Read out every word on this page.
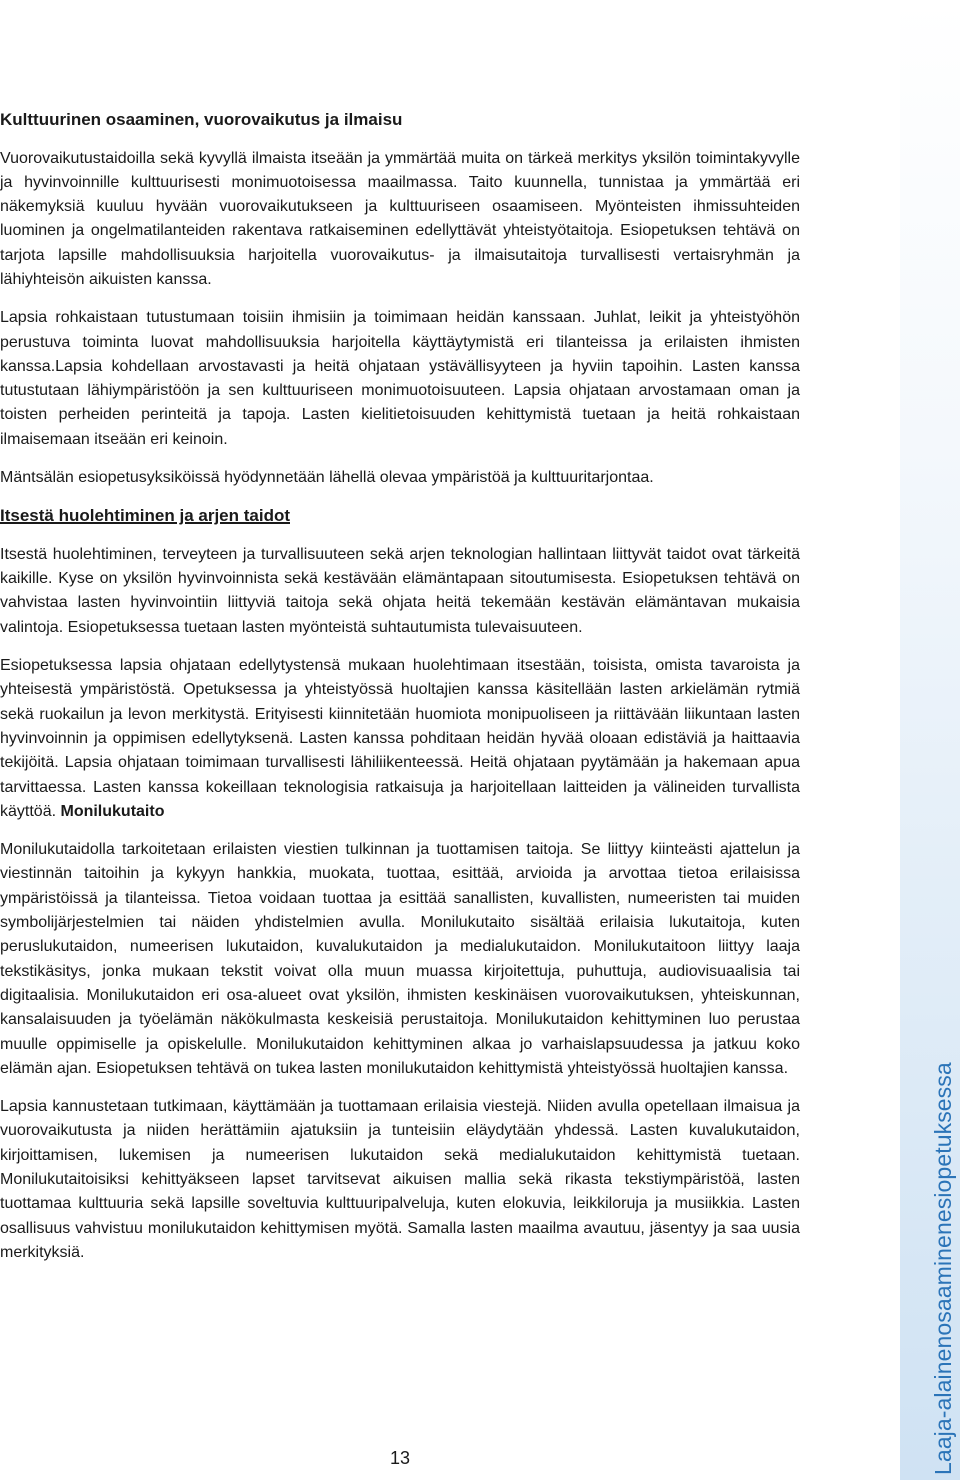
Laaja-alainenosaaminenesiopetuksessa
Kulttuurinen osaaminen, vuorovaikutus ja ilmaisu

Vuorovaikutustaidoilla sekä kyvyllä ilmaista itseään ja ymmärtää muita on tärkeä merkitys yksilön toimintakyvylle ja hyvinvoinnille kulttuurisesti monimuotoisessa maailmassa. Taito kuunnella, tunnistaa ja ymmärtää eri näkemyksiä kuuluu hyvään vuorovaikutukseen ja kulttuuriseen osaamiseen. Myönteisten ihmissuhteiden luominen ja ongelmatilanteiden rakentava ratkaiseminen edellyttävät yhteistyötaitoja. Esiopetuksen tehtävä on tarjota lapsille mahdollisuuksia harjoitella vuorovaikutus- ja ilmaisutaitoja turvallisesti vertaisryhmän ja lähiyhteisön aikuisten kanssa.

Lapsia rohkaistaan tutustumaan toisiin ihmisiin ja toimimaan heidän kanssaan. Juhlat, leikit ja yhteistyöhön perustuva toiminta luovat mahdollisuuksia harjoitella käyttäytymistä eri tilanteissa ja erilaisten ihmisten kanssa.Lapsia kohdellaan arvostavasti ja heitä ohjataan ystävällisyyteen ja hyviin tapoihin. Lasten kanssa tutustutaan lähiympäristöön ja sen kulttuuriseen monimuotoisuuteen. Lapsia ohjataan arvostamaan oman ja toisten perheiden perinteitä ja tapoja. Lasten kielitietoisuuden kehittymistä tuetaan ja heitä rohkaistaan ilmaisemaan itseään eri keinoin.

Mäntsälän esiopetusyksiköissä hyödynnetään lähellä olevaa ympäristöä ja kulttuuritarjontaa.

Itsestä huolehtiminen ja arjen taidot

Itsestä huolehtiminen, terveyteen ja turvallisuuteen sekä arjen teknologian hallintaan liittyvät taidot ovat tärkeitä kaikille. Kyse on yksilön hyvinvoinnista sekä kestävään elämäntapaan sitoutumisesta. Esiopetuksen tehtävä on vahvistaa lasten hyvinvointiin liittyviä taitoja sekä ohjata heitä tekemään kestävän elämäntavan mukaisia valintoja. Esiopetuksessa tuetaan lasten myönteistä suhtautumista tulevaisuuteen.

Esiopetuksessa lapsia ohjataan edellytystensä mukaan huolehtimaan itsestään, toisista, omista tavaroista ja yhteisestä ympäristöstä. Opetuksessa ja yhteistyössä huoltajien kanssa käsitellään lasten arkielämän rytmiä sekä ruokailun ja levon merkitystä. Erityisesti kiinnitetään huomiota monipuoliseen ja riittävään liikuntaan lasten hyvinvoinnin ja oppimisen edellytyksenä. Lasten kanssa pohditaan heidän hyvää oloaan edistäviä ja haittaavia tekijöitä. Lapsia ohjataan toimimaan turvallisesti lähiliikenteessä. Heitä ohjataan pyytämään ja hakemaan apua tarvittaessa. Lasten kanssa kokeillaan teknologisia ratkaisuja ja harjoitellaan laitteiden ja välineiden turvallista käyttöä. Monilukutaito

Monilukutaidolla tarkoitetaan erilaisten viestien tulkinnan ja tuottamisen taitoja. Se liittyy kiinteästi ajattelun ja viestinnän taitoihin ja kykyyn hankkia, muokata, tuottaa, esittää, arvioida ja arvottaa tietoa erilaisissa ympäristöissä ja tilanteissa. Tietoa voidaan tuottaa ja esittää sanallisten, kuvallisten, numeeristen tai muiden symbolijärjestelmien tai näiden yhdistelmien avulla. Monilukutaito sisältää erilaisia lukutaitoja, kuten peruslukutaidon, numeerisen lukutaidon, kuvalukutaidon ja medialukutaidon. Monilukutaitoon liittyy laaja tekstikäsitys, jonka mukaan tekstit voivat olla muun muassa kirjoitettuja, puhuttuja, audiovisuaalisia tai digitaalisia. Monilukutaidon eri osa-alueet ovat yksilön, ihmisten keskinäisen vuorovaikutuksen, yhteiskunnan, kansalaisuuden ja työelämän näkökulmasta keskeisiä perustaitoja. Monilukutaidon kehittyminen luo perustaa muulle oppimiselle ja opiskelulle. Monilukutaidon kehittyminen alkaa jo varhaislapsuudessa ja jatkuu koko elämän ajan. Esiopetuksen tehtävä on tukea lasten monilukutaidon kehittymistä yhteistyössä huoltajien kanssa.

Lapsia kannustetaan tutkimaan, käyttämään ja tuottamaan erilaisia viestejä. Niiden avulla opetellaan ilmaisua ja vuorovaikutusta ja niiden herättämiin ajatuksiin ja tunteisiin eläydytään yhdessä. Lasten kuvalukutaidon, kirjoittamisen, lukemisen ja numeerisen lukutaidon sekä medialukutaidon kehittymistä tuetaan. Monilukutaitoisiksi kehittyäkseen lapset tarvitsevat aikuisen mallia sekä rikasta tekstiympäristöä, lasten tuottamaa kulttuuria sekä lapsille soveltuvia kulttuuripalveluja, kuten elokuvia, leikkiloruja ja musiikkia. Lasten osallisuus vahvistuu monilukutaidon kehittymisen myötä. Samalla lasten maailma avautuu, jäsentyy ja saa uusia merkityksiä.

13
